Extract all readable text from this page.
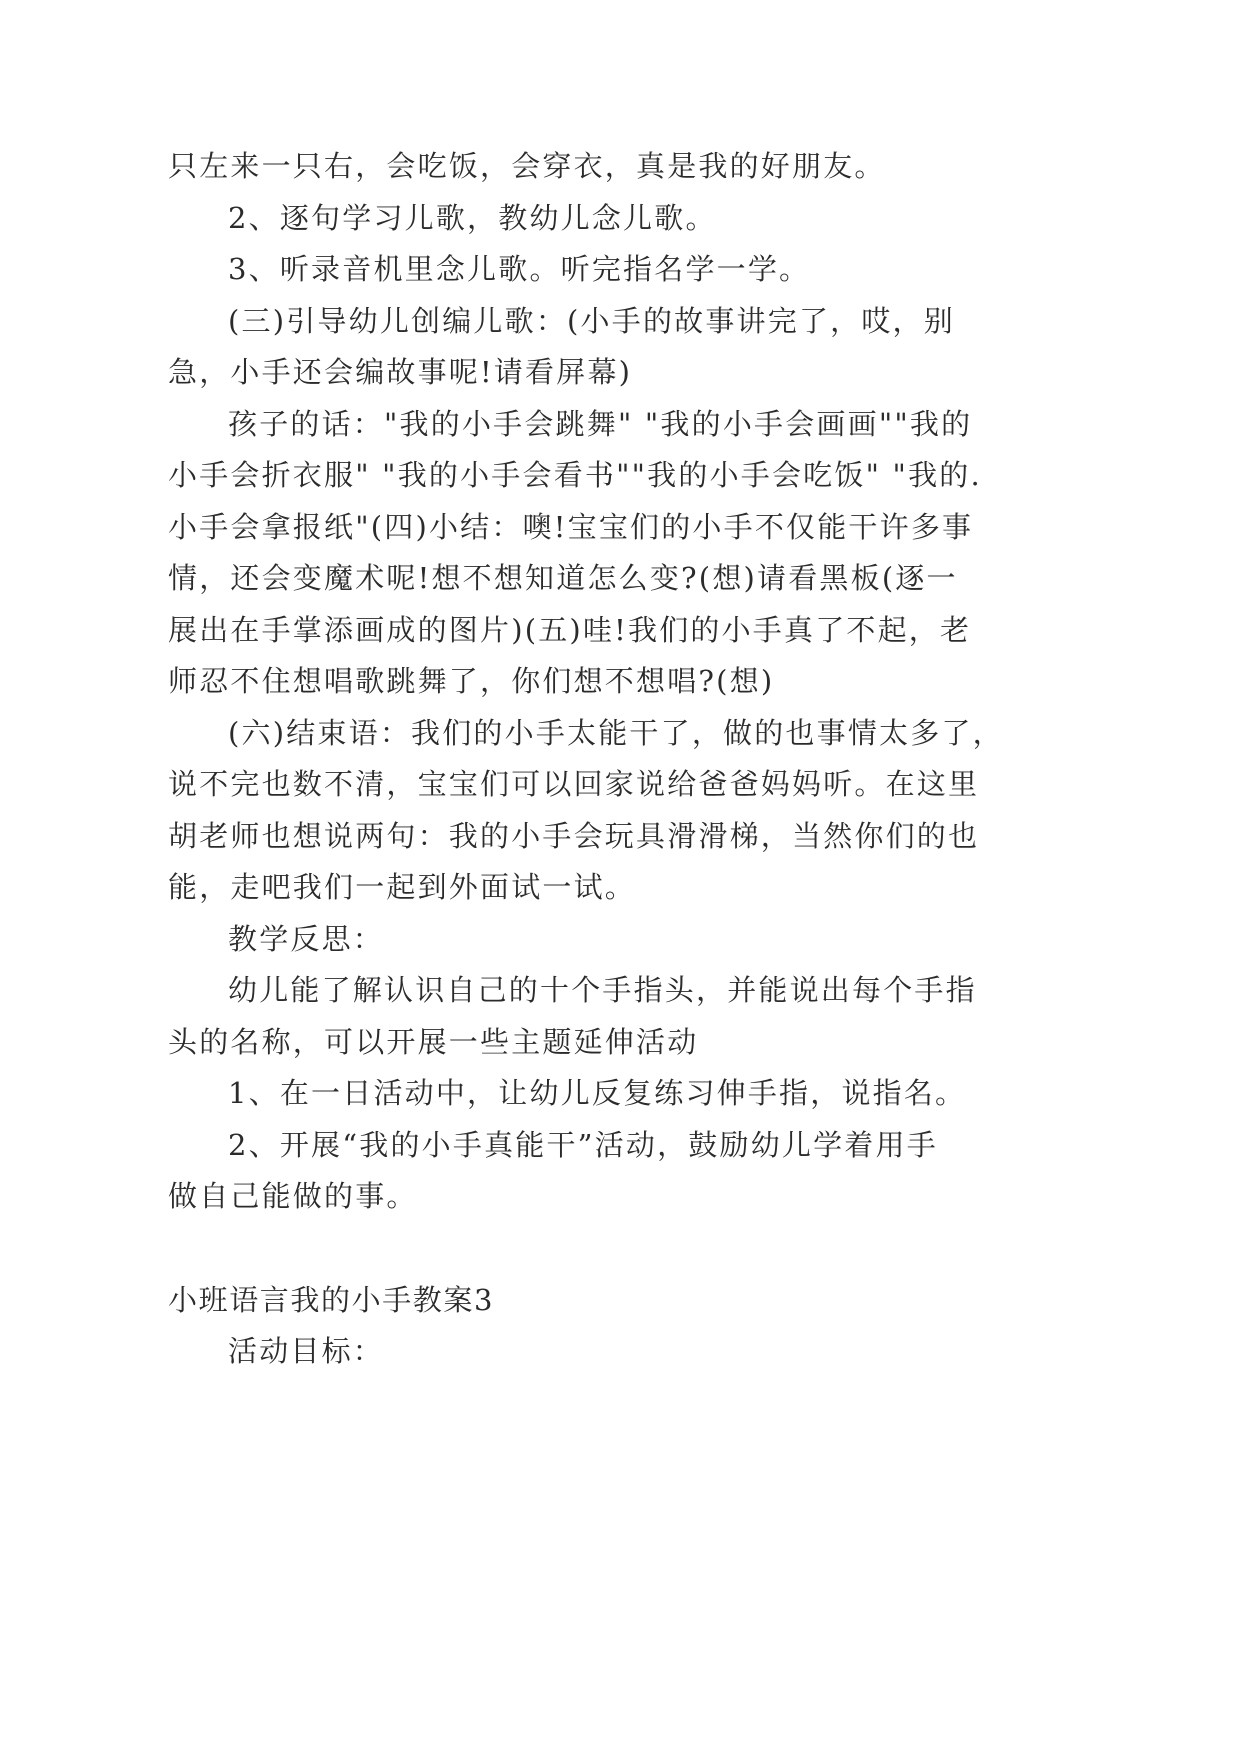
只左来一只右，会吃饭，会穿衣，真是我的好朋友。
2、逐句学习儿歌，教幼儿念儿歌。
3、听录音机里念儿歌。听完指名学一学。
(三)引导幼儿创编儿歌：(小手的故事讲完了，哎，别
急，小手还会编故事呢!请看屏幕)
孩子的话："我的小手会跳舞" "我的小手会画画""我的
小手会折衣服" "我的小手会看书""我的小手会吃饭" "我的.
小手会拿报纸"(四)小结：噢!宝宝们的小手不仅能干许多事
情，还会变魔术呢!想不想知道怎么变?(想)请看黑板(逐一
展出在手掌添画成的图片)(五)哇!我们的小手真了不起，老
师忍不住想唱歌跳舞了，你们想不想唱?(想)
(六)结束语：我们的小手太能干了，做的也事情太多了，
说不完也数不清，宝宝们可以回家说给爸爸妈妈听。在这里
胡老师也想说两句：我的小手会玩具滑滑梯，当然你们的也
能，走吧我们一起到外面试一试。
教学反思：
幼儿能了解认识自己的十个手指头，并能说出每个手指
头的名称，可以开展一些主题延伸活动
1、在一日活动中，让幼儿反复练习伸手指，说指名。
2、开展“我的小手真能干”活动，鼓励幼儿学着用手
做自己能做的事。
小班语言我的小手教案3
活动目标：
